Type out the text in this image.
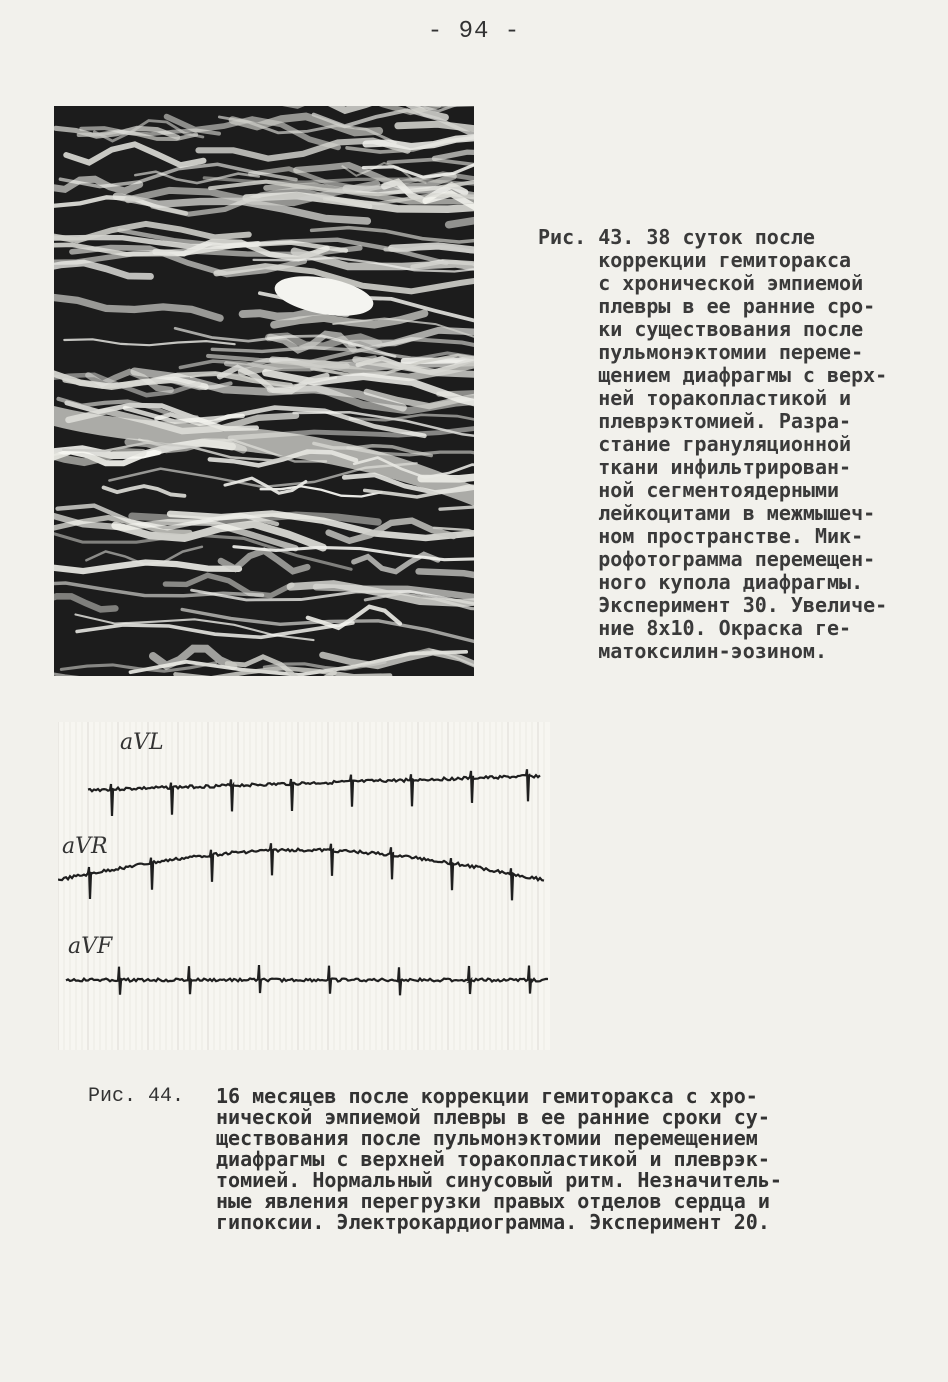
- 94 -
Рис. 43. 38 суток после
коррекции гемиторакса
с хронической эмпиемой
плевры в ее ранние сро-
ки существования после
пульмонэктомии переме-
щением диафрагмы с верх-
ней торакопластикой и
плеврэктомией. Разра-
стание грануляционной
ткани инфильтрирован-
ной сегментоядерными
лейкоцитами в межмышеч-
ном пространстве. Мик-
рофотограмма перемещен-
ного купола диафрагмы.
Эксперимент 30. Увеличе-
ние 8х10. Окраска ге-
матоксилин-эозином.
aVL
aVR
aVF
Рис. 44. 16 месяцев после коррекции гемиторакса с хро-
нической эмпиемой плевры в ее ранние сроки су-
ществования после пульмонэктомии перемещением
диафрагмы с верхней торакопластикой и плеврэк-
томией. Нормальный синусовый ритм. Незначитель-
ные явления перегрузки правых отделов сердца и
гипоксии. Электрокардиограмма. Эксперимент 20.
